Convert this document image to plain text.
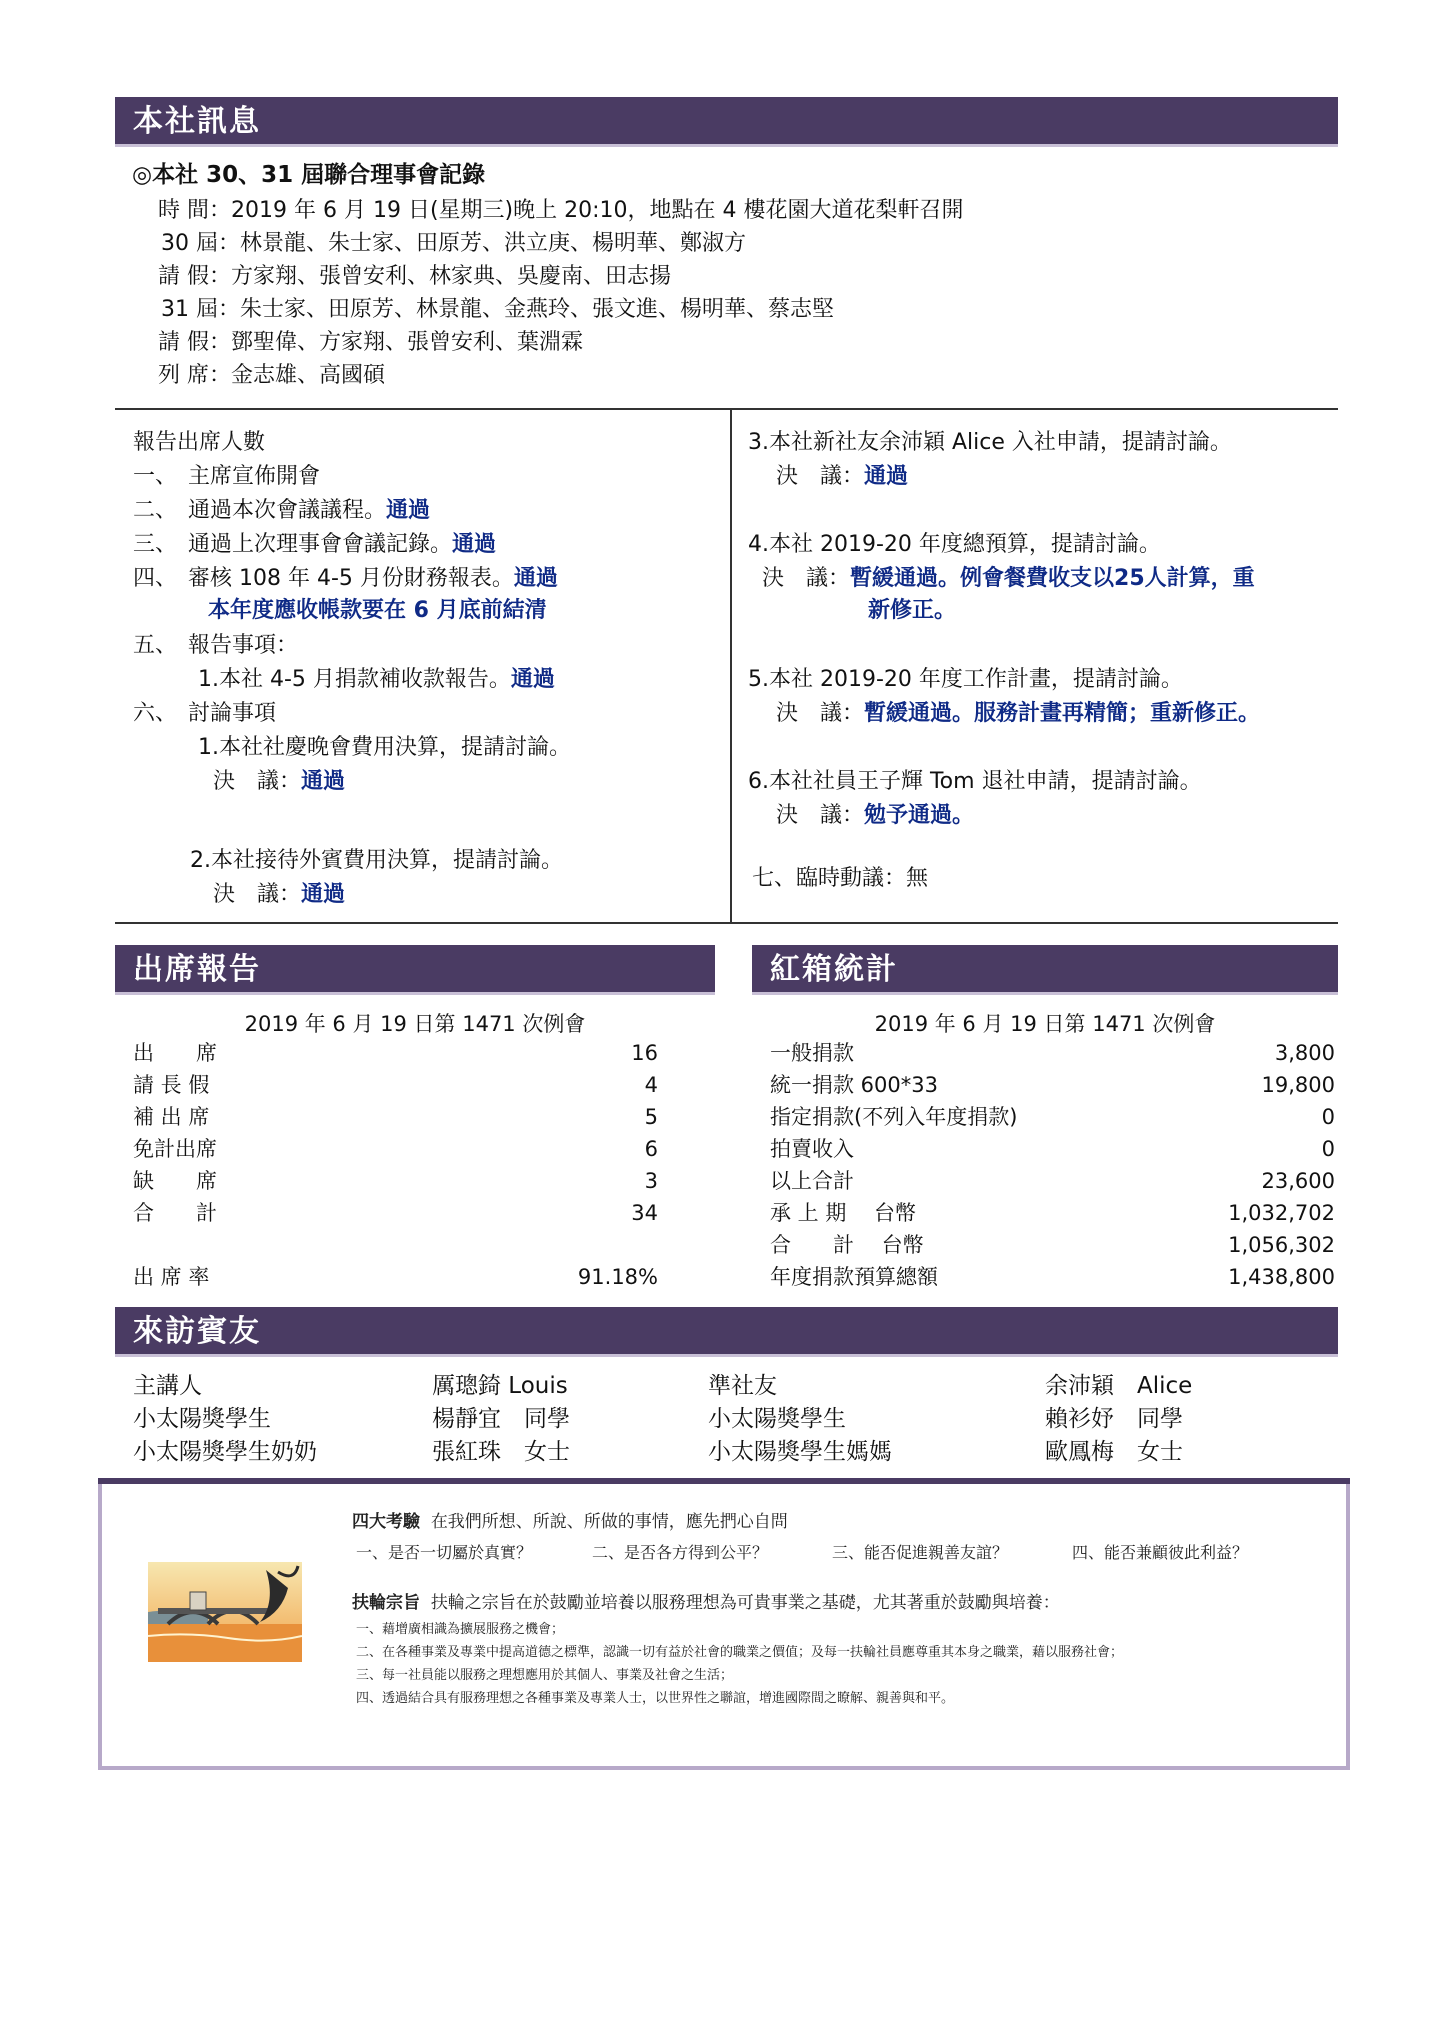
本社訊息
◎本社 30、31 屆聯合理事會記錄
時 間：2019 年 6 月 19 日(星期三)晚上 20:10，地點在 4 樓花園大道花梨軒召開
30 屆：林景龍、朱士家、田原芳、洪立庚、楊明華、鄭淑方
請 假：方家翔、張曾安利、林家典、吳慶南、田志揚
31 屆：朱士家、田原芳、林景龍、金燕玲、張文進、楊明華、蔡志堅
請 假：鄧聖偉、方家翔、張曾安利、葉淵霖
列 席：金志雄、高國碩
報告出席人數
一、　主席宣佈開會
二、　通過本次會議議程。通過
三、　通過上次理事會會議記錄。通過
四、　審核 108 年 4-5 月份財務報表。通過
本年度應收帳款要在 6 月底前結清
五、　報告事項：
1.本社 4-5 月捐款補收款報告。通過
六、　討論事項
1.本社社慶晚會費用決算，提請討論。
決　議：通過
2.本社接待外賓費用決算，提請討論。
決　議：通過
3.本社新社友余沛穎 Alice 入社申請，提請討論。
決　議：通過
4.本社 2019-20 年度總預算，提請討論。
決　議：暫緩通過。例會餐費收支以25人計算，重
新修正。
5.本社 2019-20 年度工作計畫，提請討論。
決　議：暫緩通過。服務計畫再精簡；重新修正。
6.本社社員王子輝 Tom 退社申請，提請討論。
決　議：勉予通過。
七、臨時動議：無
出席報告
2019 年 6 月 19 日第 1471 次例會
出　　席	16
請 長 假	4
補 出 席	5
免計出席	6
缺　　席	3
合　　計	34
出 席 率	91.18%
紅箱統計
2019 年 6 月 19 日第 1471 次例會
一般捐款	3,800
統一捐款 600*33	19,800
指定捐款(不列入年度捐款)	0
拍賣收入	0
以上合計	23,600
承 上 期　 台幣	1,032,702
合　　計　 台幣	1,056,302
年度捐款預算總額	1,438,800
來訪賓友
主講人	厲璁錡 Louis	準社友	余沛穎　Alice
小太陽獎學生	楊靜宜　同學	小太陽獎學生	賴衫妤　同學
小太陽獎學生奶奶	張紅珠　女士	小太陽獎學生媽媽	歐鳳梅　女士
四大考驗 在我們所想、所說、所做的事情，應先捫心自問
一、是否一切屬於真實？	二、是否各方得到公平？	三、能否促進親善友誼？	四、能否兼顧彼此利益？
扶輪宗旨 扶輪之宗旨在於鼓勵並培養以服務理想為可貴事業之基礎，尤其著重於鼓勵與培養：
一、藉增廣相識為擴展服務之機會；
二、在各種事業及專業中提高道德之標準，認識一切有益於社會的職業之價值；及每一扶輪社員應尊重其本身之職業，藉以服務社會；
三、每一社員能以服務之理想應用於其個人、事業及社會之生活；
四、透過結合具有服務理想之各種事業及專業人士，以世界性之聯誼，增進國際間之瞭解、親善與和平。
